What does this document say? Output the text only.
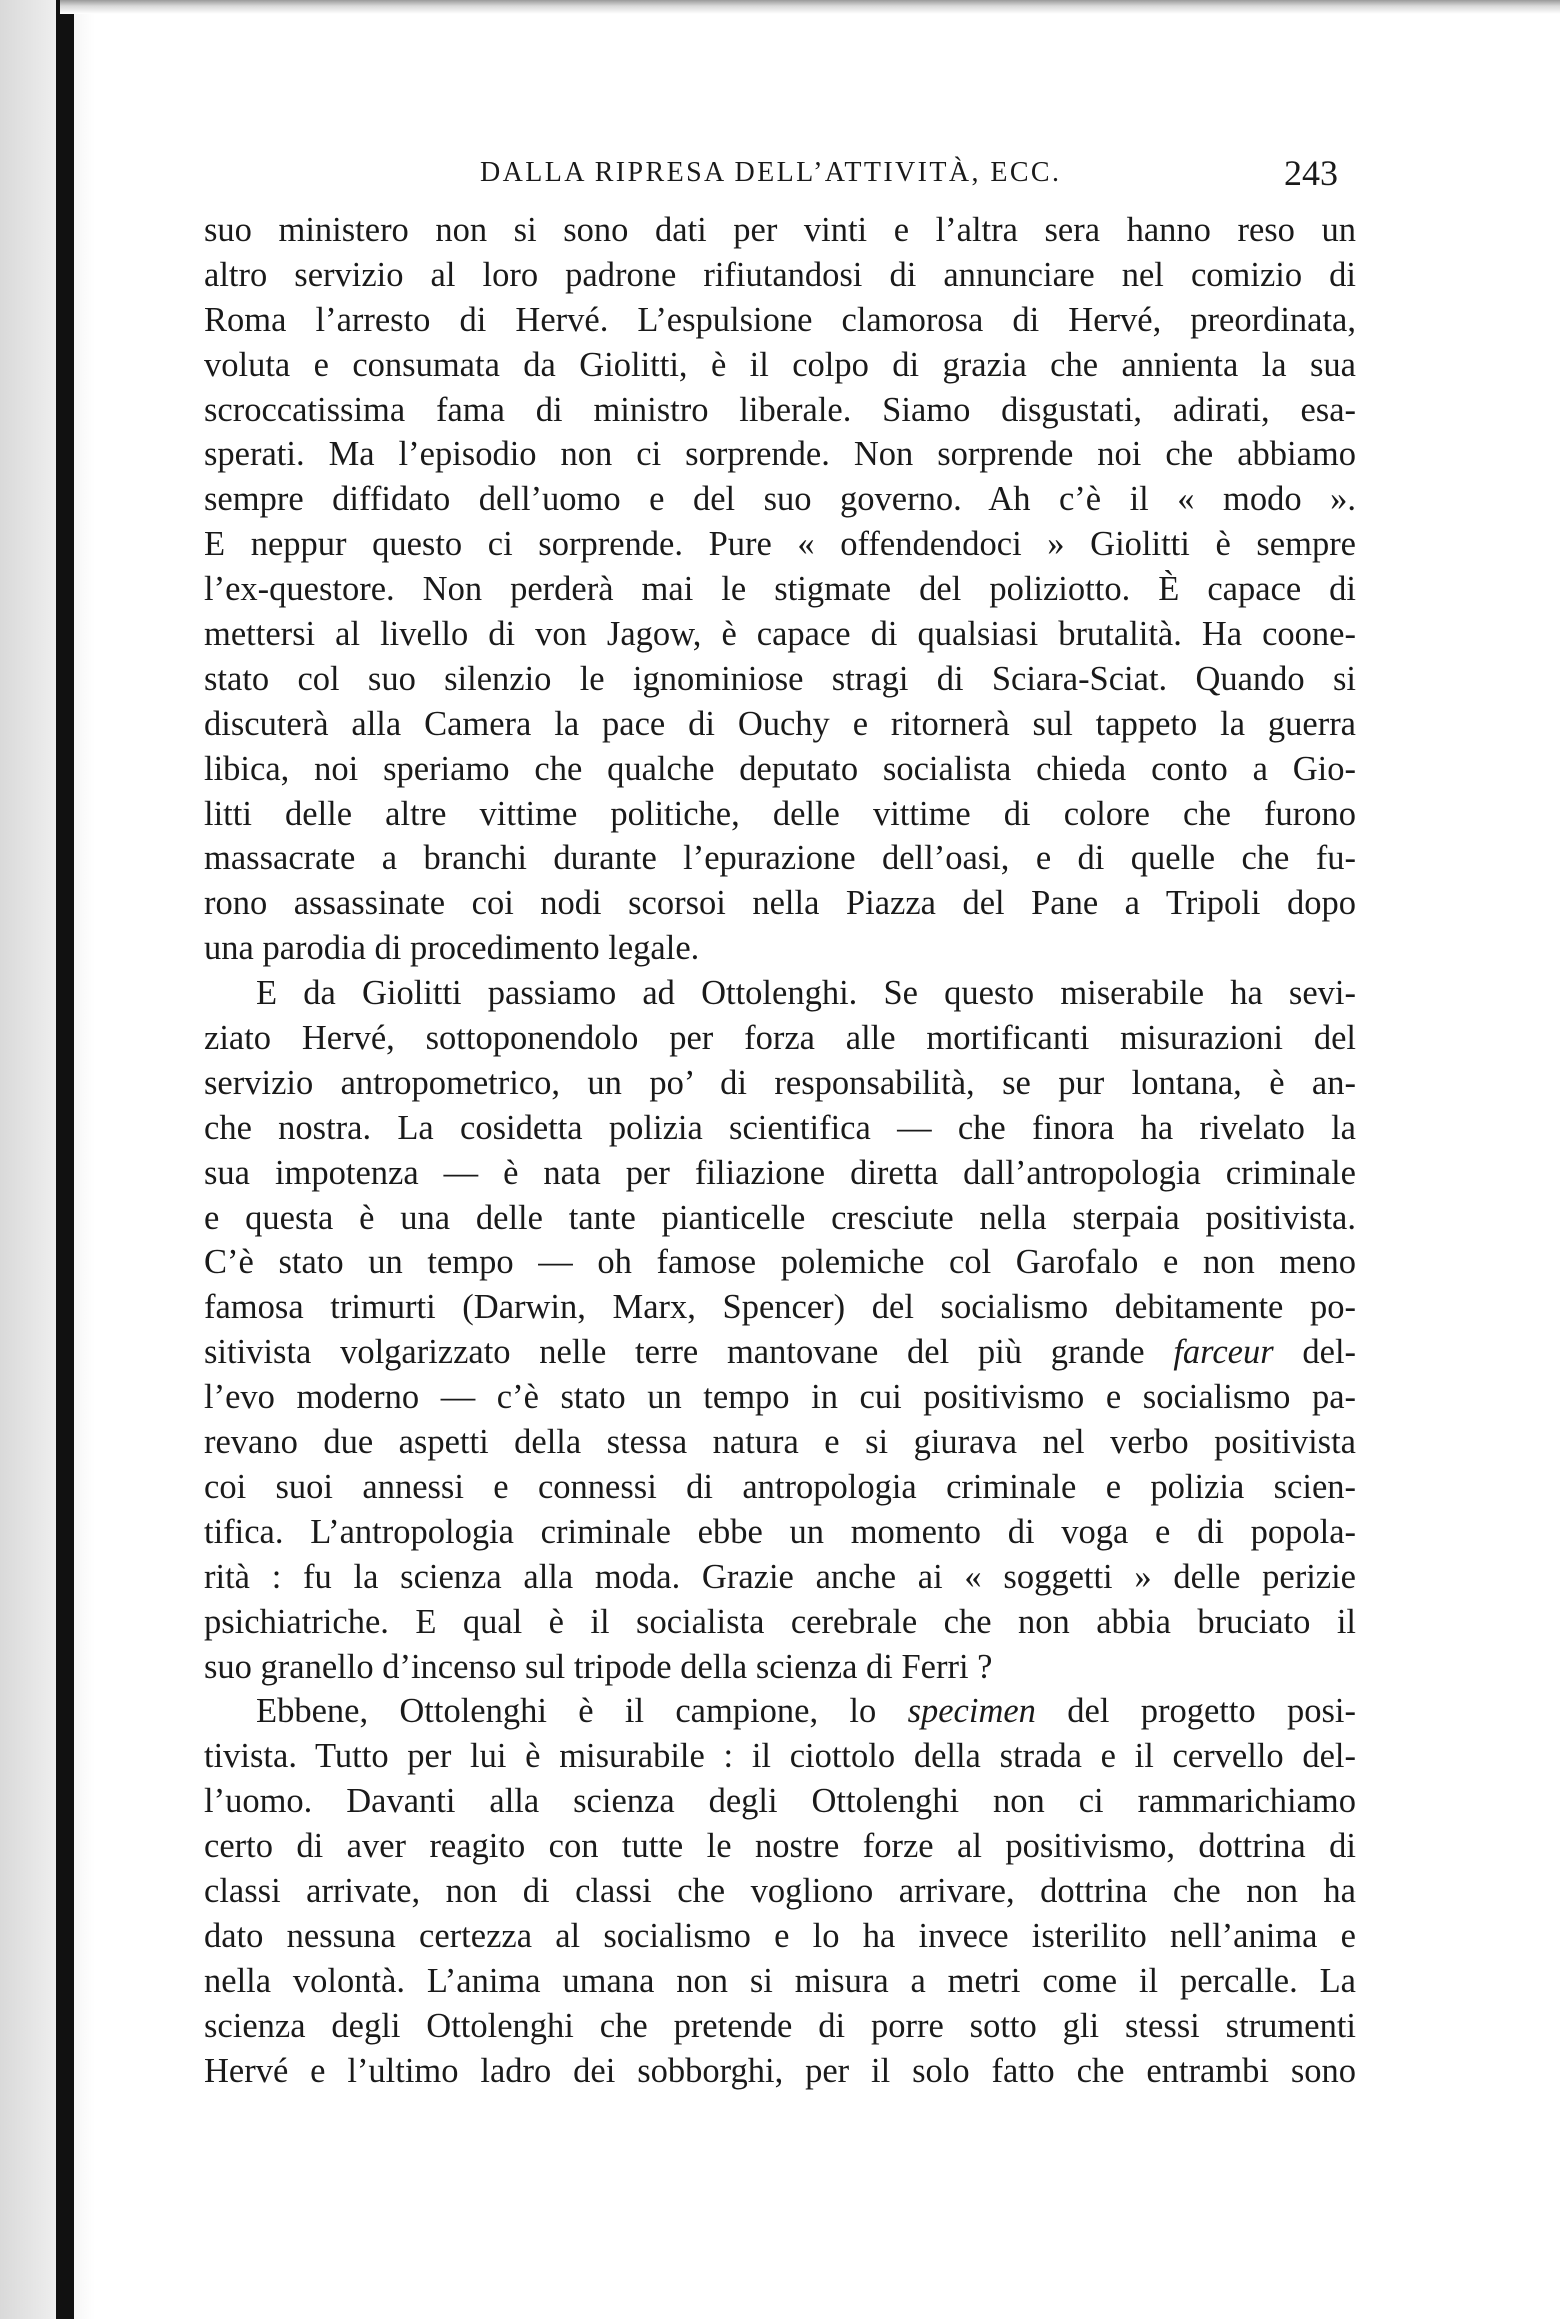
DALLA RIPRESA DELL’ATTIVITÀ, ECC.	243
suo ministero non si sono dati per vinti e l’altra sera hanno reso un
altro servizio al loro padrone rifiutandosi di annunciare nel comizio di
Roma l’arresto di Hervé. L’espulsione clamorosa di Hervé, preordinata,
voluta e consumata da Giolitti, è il colpo di grazia che annienta la sua
scroccatissima fama di ministro liberale. Siamo disgustati, adirati, esa-
sperati. Ma l’episodio non ci sorprende. Non sorprende noi che abbiamo
sempre diffidato dell’uomo e del suo governo. Ah c’è il « modo ».
E neppur questo ci sorprende. Pure « offendendoci » Giolitti è sempre
l’ex-questore. Non perderà mai le stigmate del poliziotto. È capace di
mettersi al livello di von Jagow, è capace di qualsiasi brutalità. Ha coone-
stato col suo silenzio le ignominiose stragi di Sciara-Sciat. Quando si
discuterà alla Camera la pace di Ouchy e ritornerà sul tappeto la guerra
libica, noi speriamo che qualche deputato socialista chieda conto a Gio-
litti delle altre vittime politiche, delle vittime di colore che furono
massacrate a branchi durante l’epurazione dell’oasi, e di quelle che fu-
rono assassinate coi nodi scorsoi nella Piazza del Pane a Tripoli dopo
una parodia di procedimento legale.
E da Giolitti passiamo ad Ottolenghi. Se questo miserabile ha sevi-
ziato Hervé, sottoponendolo per forza alle mortificanti misurazioni del
servizio antropometrico, un po’ di responsabilità, se pur lontana, è an-
che nostra. La cosidetta polizia scientifica — che finora ha rivelato la
sua impotenza — è nata per filiazione diretta dall’antropologia criminale
e questa è una delle tante pianticelle cresciute nella sterpaia positivista.
C’è stato un tempo — oh famose polemiche col Garofalo e non meno
famosa trimurti (Darwin, Marx, Spencer) del socialismo debitamente po-
sitivista volgarizzato nelle terre mantovane del più grande farceur del-
l’evo moderno — c’è stato un tempo in cui positivismo e socialismo pa-
revano due aspetti della stessa natura e si giurava nel verbo positivista
coi suoi annessi e connessi di antropologia criminale e polizia scien-
tifica. L’antropologia criminale ebbe un momento di voga e di popola-
rità : fu la scienza alla moda. Grazie anche ai « soggetti » delle perizie
psichiatriche. E qual è il socialista cerebrale che non abbia bruciato il
suo granello d’incenso sul tripode della scienza di Ferri ?
Ebbene, Ottolenghi è il campione, lo specimen del progetto posi-
tivista. Tutto per lui è misurabile : il ciottolo della strada e il cervello del-
l’uomo. Davanti alla scienza degli Ottolenghi non ci rammarichiamo
certo di aver reagito con tutte le nostre forze al positivismo, dottrina di
classi arrivate, non di classi che vogliono arrivare, dottrina che non ha
dato nessuna certezza al socialismo e lo ha invece isterilito nell’anima e
nella volontà. L’anima umana non si misura a metri come il percalle. La
scienza degli Ottolenghi che pretende di porre sotto gli stessi strumenti
Hervé e l’ultimo ladro dei sobborghi, per il solo fatto che entrambi sono
